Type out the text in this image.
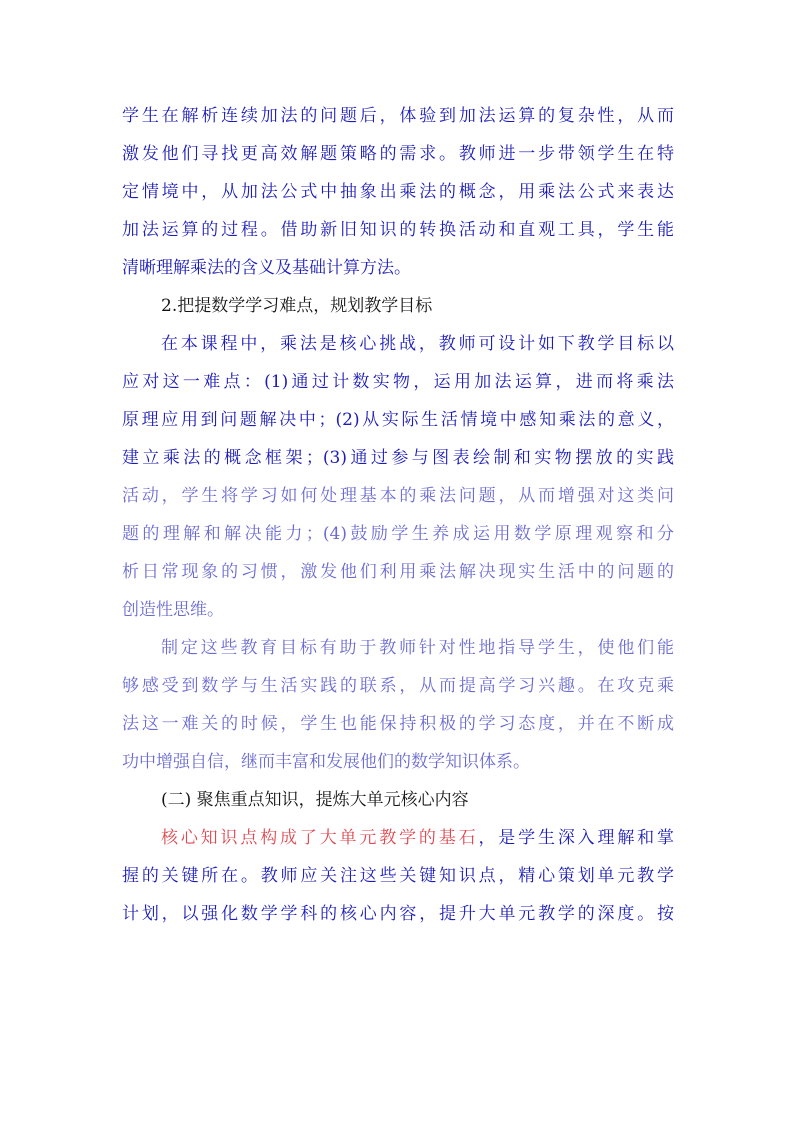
学生在解析连续加法的问题后，体验到加法运算的复杂性，从而
激发他们寻找更高效解题策略的需求。教师进一步带领学生在特
定情境中，从加法公式中抽象出乘法的概念，用乘法公式来表达
加法运算的过程。借助新旧知识的转换活动和直观工具，学生能
清晰理解乘法的含义及基础计算方法。
2.把提数学学习难点，规划教学目标
在本课程中，乘法是核心挑战，教师可设计如下教学目标以
应对这一难点：(1)通过计数实物，运用加法运算，进而将乘法
原理应用到问题解决中；(2)从实际生活情境中感知乘法的意义，
建立乘法的概念框架；(3)通过参与图表绘制和实物摆放的实践
活动，学生将学习如何处理基本的乘法问题，从而增强对这类问
题的理解和解决能力；(4)鼓励学生养成运用数学原理观察和分
析日常现象的习惯，激发他们利用乘法解决现实生活中的问题的
创造性思维。
制定这些教育目标有助于教师针对性地指导学生，使他们能
够感受到数学与生活实践的联系，从而提高学习兴趣。在攻克乘
法这一难关的时候，学生也能保持积极的学习态度，并在不断成
功中增强自信，继而丰富和发展他们的数学知识体系。
(二) 聚焦重点知识，提炼大单元核心内容
核心知识点构成了大单元教学的基石，是学生深入理解和掌
握的关键所在。教师应关注这些关键知识点，精心策划单元教学
计划，以强化数学学科的核心内容，提升大单元教学的深度。按
